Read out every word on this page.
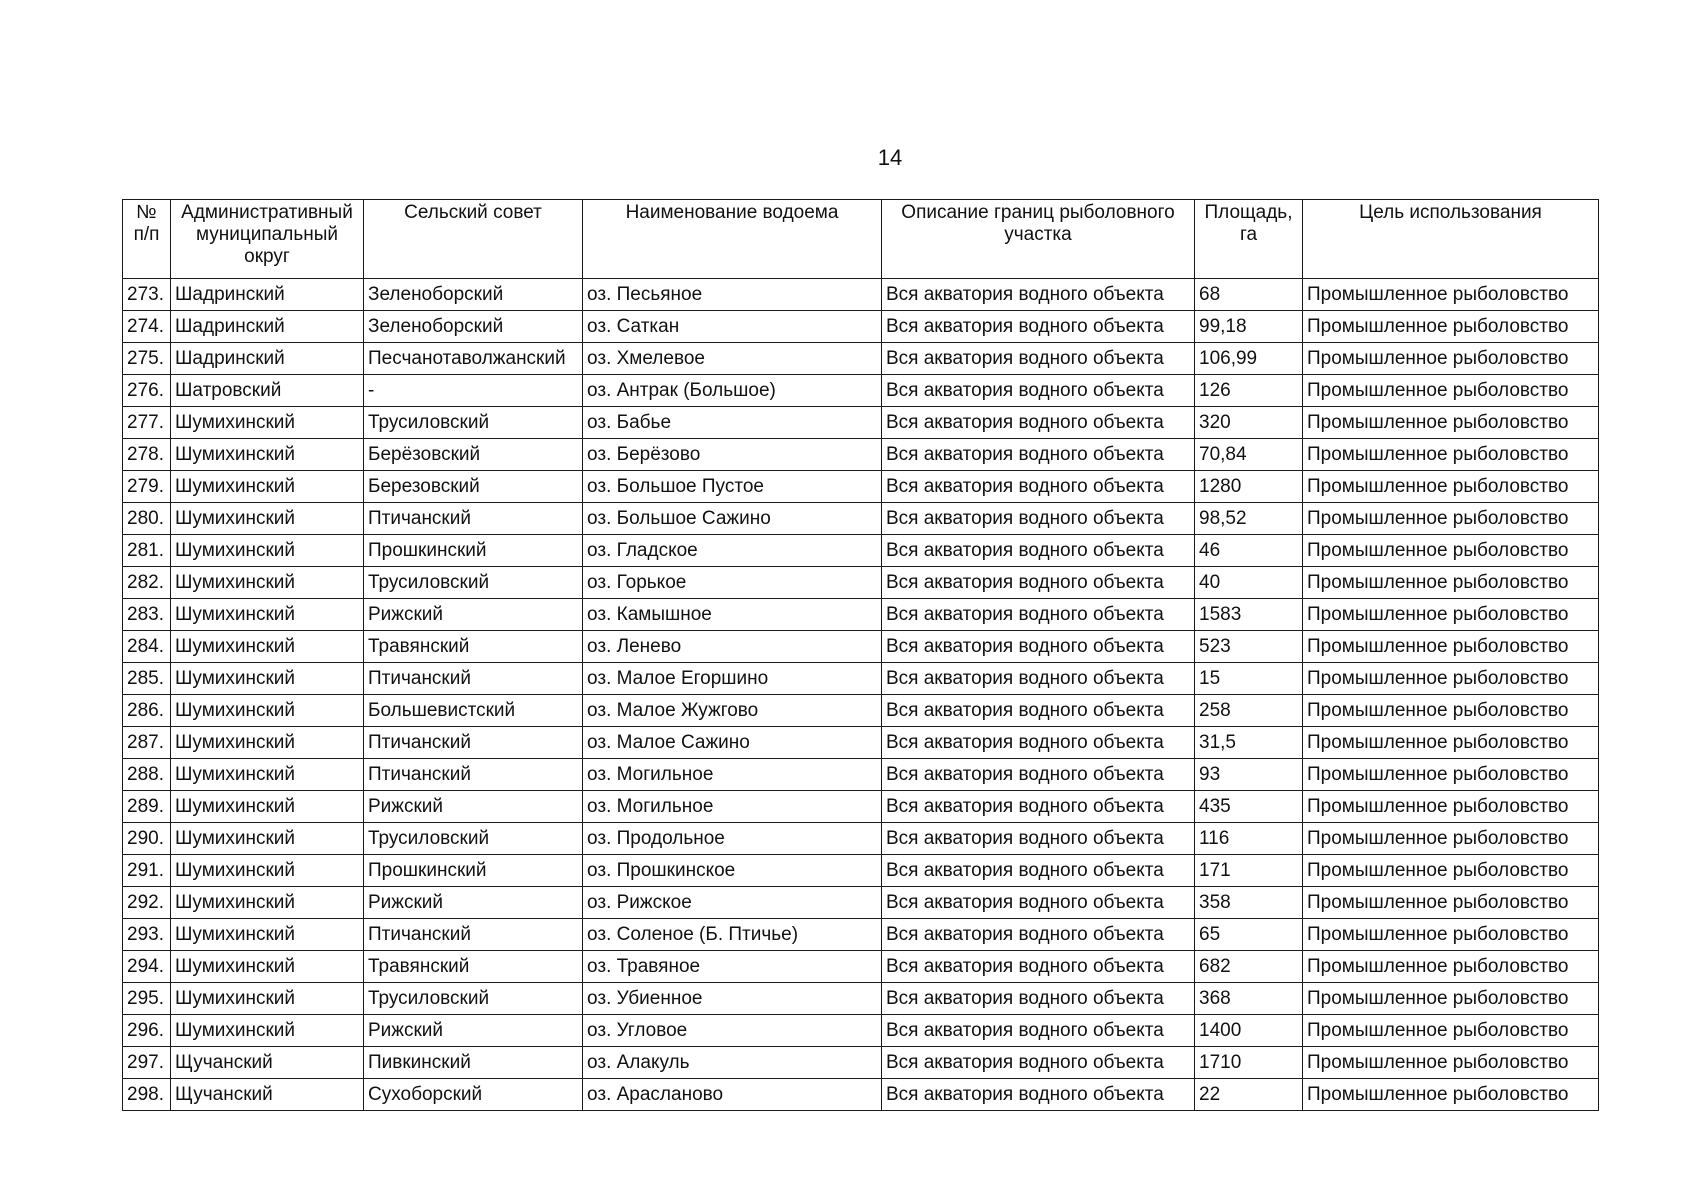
14
№ п/п	Административный муниципальный округ	Сельский совет	Наименование водоема	Описание границ рыболовного участка	Площадь, га	Цель использования
273.	Шадринский	Зеленоборский	оз. Песьяное	Вся акватория водного объекта	68	Промышленное рыболовство
274.	Шадринский	Зеленоборский	оз. Саткан	Вся акватория водного объекта	99,18	Промышленное рыболовство
275.	Шадринский	Песчанотаволжанский	оз. Хмелевое	Вся акватория водного объекта	106,99	Промышленное рыболовство
276.	Шатровский	-	оз. Антрак (Большое)	Вся акватория водного объекта	126	Промышленное рыболовство
277.	Шумихинский	Трусиловский	оз. Бабье	Вся акватория водного объекта	320	Промышленное рыболовство
278.	Шумихинский	Берёзовский	оз. Берёзово	Вся акватория водного объекта	70,84	Промышленное рыболовство
279.	Шумихинский	Березовский	оз. Большое Пустое	Вся акватория водного объекта	1280	Промышленное рыболовство
280.	Шумихинский	Птичанский	оз. Большое Сажино	Вся акватория водного объекта	98,52	Промышленное рыболовство
281.	Шумихинский	Прошкинский	оз. Гладское	Вся акватория водного объекта	46	Промышленное рыболовство
282.	Шумихинский	Трусиловский	оз. Горькое	Вся акватория водного объекта	40	Промышленное рыболовство
283.	Шумихинский	Рижский	оз. Камышное	Вся акватория водного объекта	1583	Промышленное рыболовство
284.	Шумихинский	Травянский	оз. Ленево	Вся акватория водного объекта	523	Промышленное рыболовство
285.	Шумихинский	Птичанский	оз. Малое Егоршино	Вся акватория водного объекта	15	Промышленное рыболовство
286.	Шумихинский	Большевистский	оз. Малое Жужгово	Вся акватория водного объекта	258	Промышленное рыболовство
287.	Шумихинский	Птичанский	оз. Малое Сажино	Вся акватория водного объекта	31,5	Промышленное рыболовство
288.	Шумихинский	Птичанский	оз. Могильное	Вся акватория водного объекта	93	Промышленное рыболовство
289.	Шумихинский	Рижский	оз. Могильное	Вся акватория водного объекта	435	Промышленное рыболовство
290.	Шумихинский	Трусиловский	оз. Продольное	Вся акватория водного объекта	116	Промышленное рыболовство
291.	Шумихинский	Прошкинский	оз. Прошкинское	Вся акватория водного объекта	171	Промышленное рыболовство
292.	Шумихинский	Рижский	оз. Рижское	Вся акватория водного объекта	358	Промышленное рыболовство
293.	Шумихинский	Птичанский	оз. Соленое (Б. Птичье)	Вся акватория водного объекта	65	Промышленное рыболовство
294.	Шумихинский	Травянский	оз. Травяное	Вся акватория водного объекта	682	Промышленное рыболовство
295.	Шумихинский	Трусиловский	оз. Убиенное	Вся акватория водного объекта	368	Промышленное рыболовство
296.	Шумихинский	Рижский	оз. Угловое	Вся акватория водного объекта	1400	Промышленное рыболовство
297.	Щучанский	Пивкинский	оз. Алакуль	Вся акватория водного объекта	1710	Промышленное рыболовство
298.	Щучанский	Сухоборский	оз. Арасланово	Вся акватория водного объекта	22	Промышленное рыболовство
